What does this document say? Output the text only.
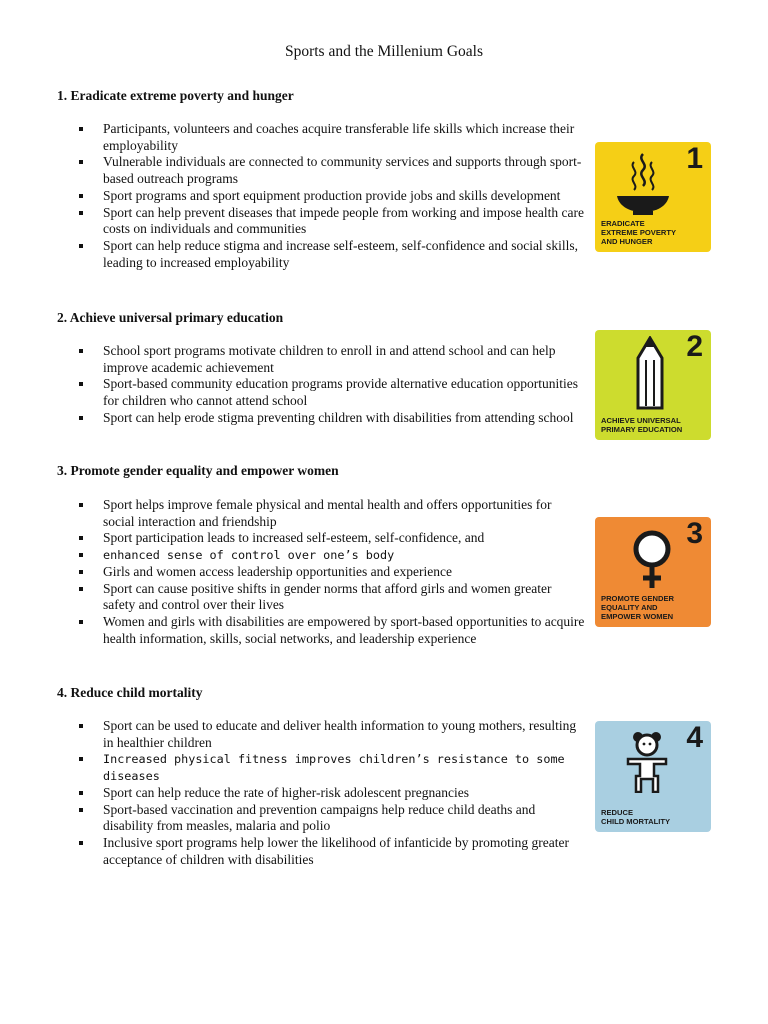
Sports and the Millenium Goals
1. Eradicate extreme poverty and hunger
Participants, volunteers and coaches acquire transferable life skills which increase their employability
Vulnerable individuals are connected to community services and supports through sport-based outreach programs
Sport programs and sport equipment production provide jobs and skills development
Sport can help prevent diseases that impede people from working and impose health care costs on individuals and communities
Sport can help reduce stigma and increase self-esteem, self-confidence and social skills, leading to increased employability
2. Achieve universal primary education
School sport programs motivate children to enroll in and attend school and can help improve academic achievement
Sport-based community education programs provide alternative education opportunities for children who cannot attend school
Sport can help erode stigma preventing children with disabilities from attending school
3. Promote gender equality and empower women
Sport helps improve female physical and mental health and offers opportunities for social interaction and friendship
Sport participation leads to increased self-esteem, self-confidence, and
enhanced sense of control over one’s body
Girls and women access leadership opportunities and experience
Sport can cause positive shifts in gender norms that afford girls and women greater safety and control over their lives
Women and girls with disabilities are empowered by sport-based opportunities to acquire health information, skills, social networks, and leadership experience
4. Reduce child mortality
Sport can be used to educate and deliver health information to young mothers, resulting in healthier children
Increased physical fitness improves children’s resistance to some diseases
Sport can help reduce the rate of higher-risk adolescent pregnancies
Sport-based vaccination and prevention campaigns help reduce child deaths and disability from measles, malaria and polio
Inclusive sport programs help lower the likelihood of infanticide by promoting greater acceptance of children with disabilities
1
ERADICATE
EXTREME POVERTY
AND HUNGER
2
ACHIEVE UNIVERSAL
PRIMARY EDUCATION
3
PROMOTE GENDER
EQUALITY AND
EMPOWER WOMEN
4
REDUCE
CHILD MORTALITY
